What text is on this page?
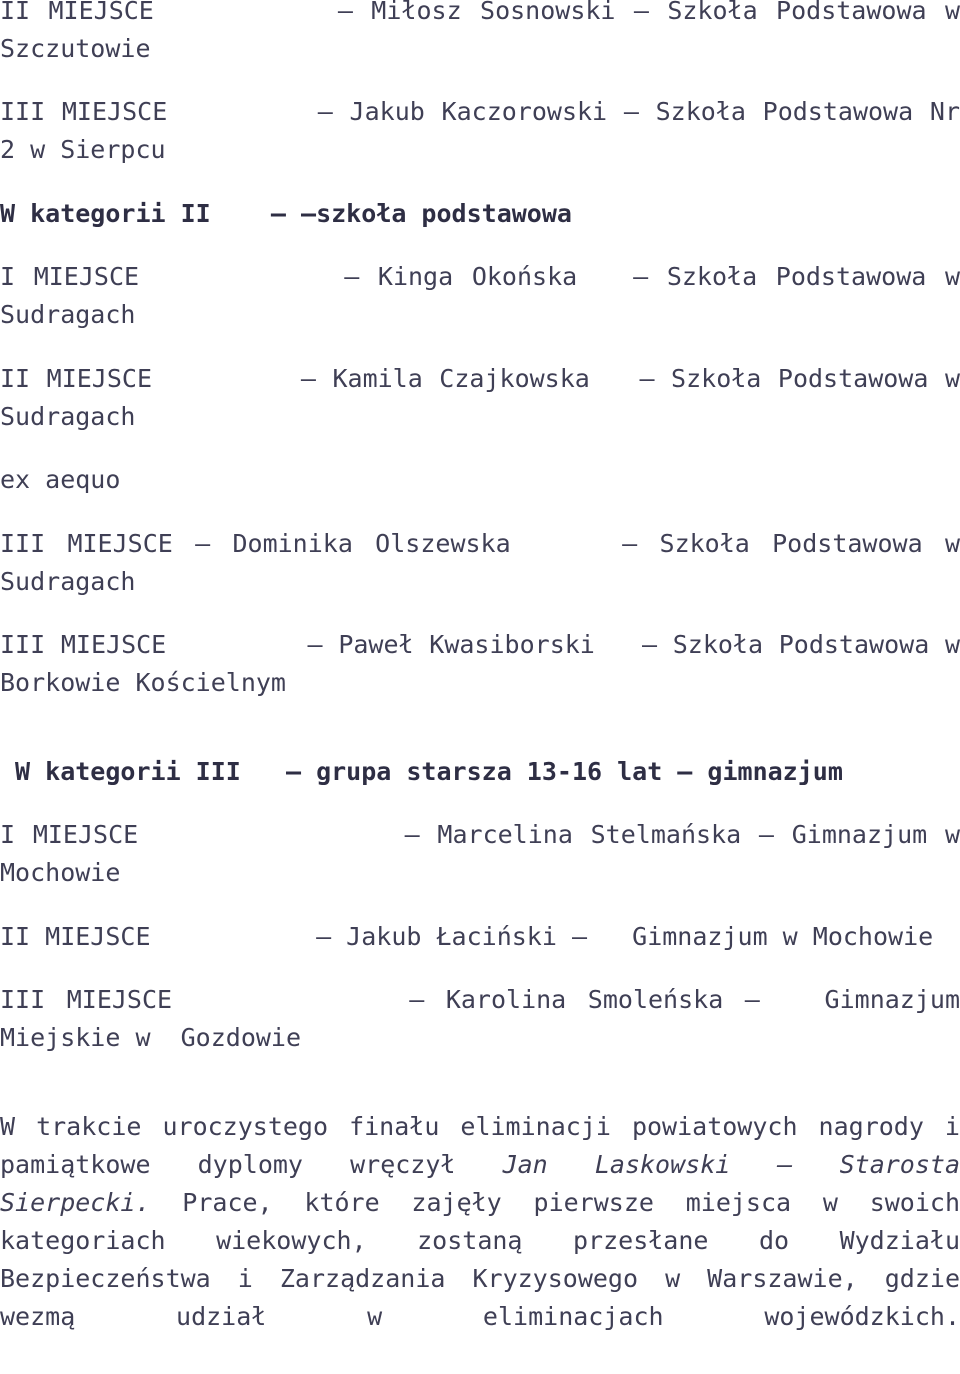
II MIEJSCE          – Miłosz Sosnowski – Szkoła Podstawowa w
Szczutowie
III MIEJSCE         – Jakub Kaczorowski – Szkoła Podstawowa Nr
2 w Sierpcu
W kategorii II    – –szkoła podstawowa
I MIEJSCE           – Kinga Okońska   – Szkoła Podstawowa w
Sudragach
II MIEJSCE         – Kamila Czajkowska   – Szkoła Podstawowa w
Sudragach
ex aequo
III MIEJSCE – Dominika Olszewska     – Szkoła Podstawowa w
Sudragach
III MIEJSCE         – Paweł Kwasiborski   – Szkoła Podstawowa w
Borkowie Kościelnym
W kategorii III   – grupa starsza 13-16 lat – gimnazjum
I MIEJSCE               – Marcelina Stelmańska – Gimnazjum w
Mochowie
II MIEJSCE           – Jakub Łaciński –   Gimnazjum w Mochowie
III MIEJSCE           – Karolina Smoleńska –   Gimnazjum
Miejskie w  Gozdowie

W trakcie uroczystego finału eliminacji powiatowych nagrody i pamiątkowe dyplomy wręczył Jan Laskowski – Starosta Sierpecki. Prace, które zajęły pierwsze miejsca w swoich kategoriach wiekowych, zostaną przesłane do Wydziału Bezpieczeństwa i Zarządzania Kryzysowego w Warszawie, gdzie wezmą udział w eliminacjach wojewódzkich.
